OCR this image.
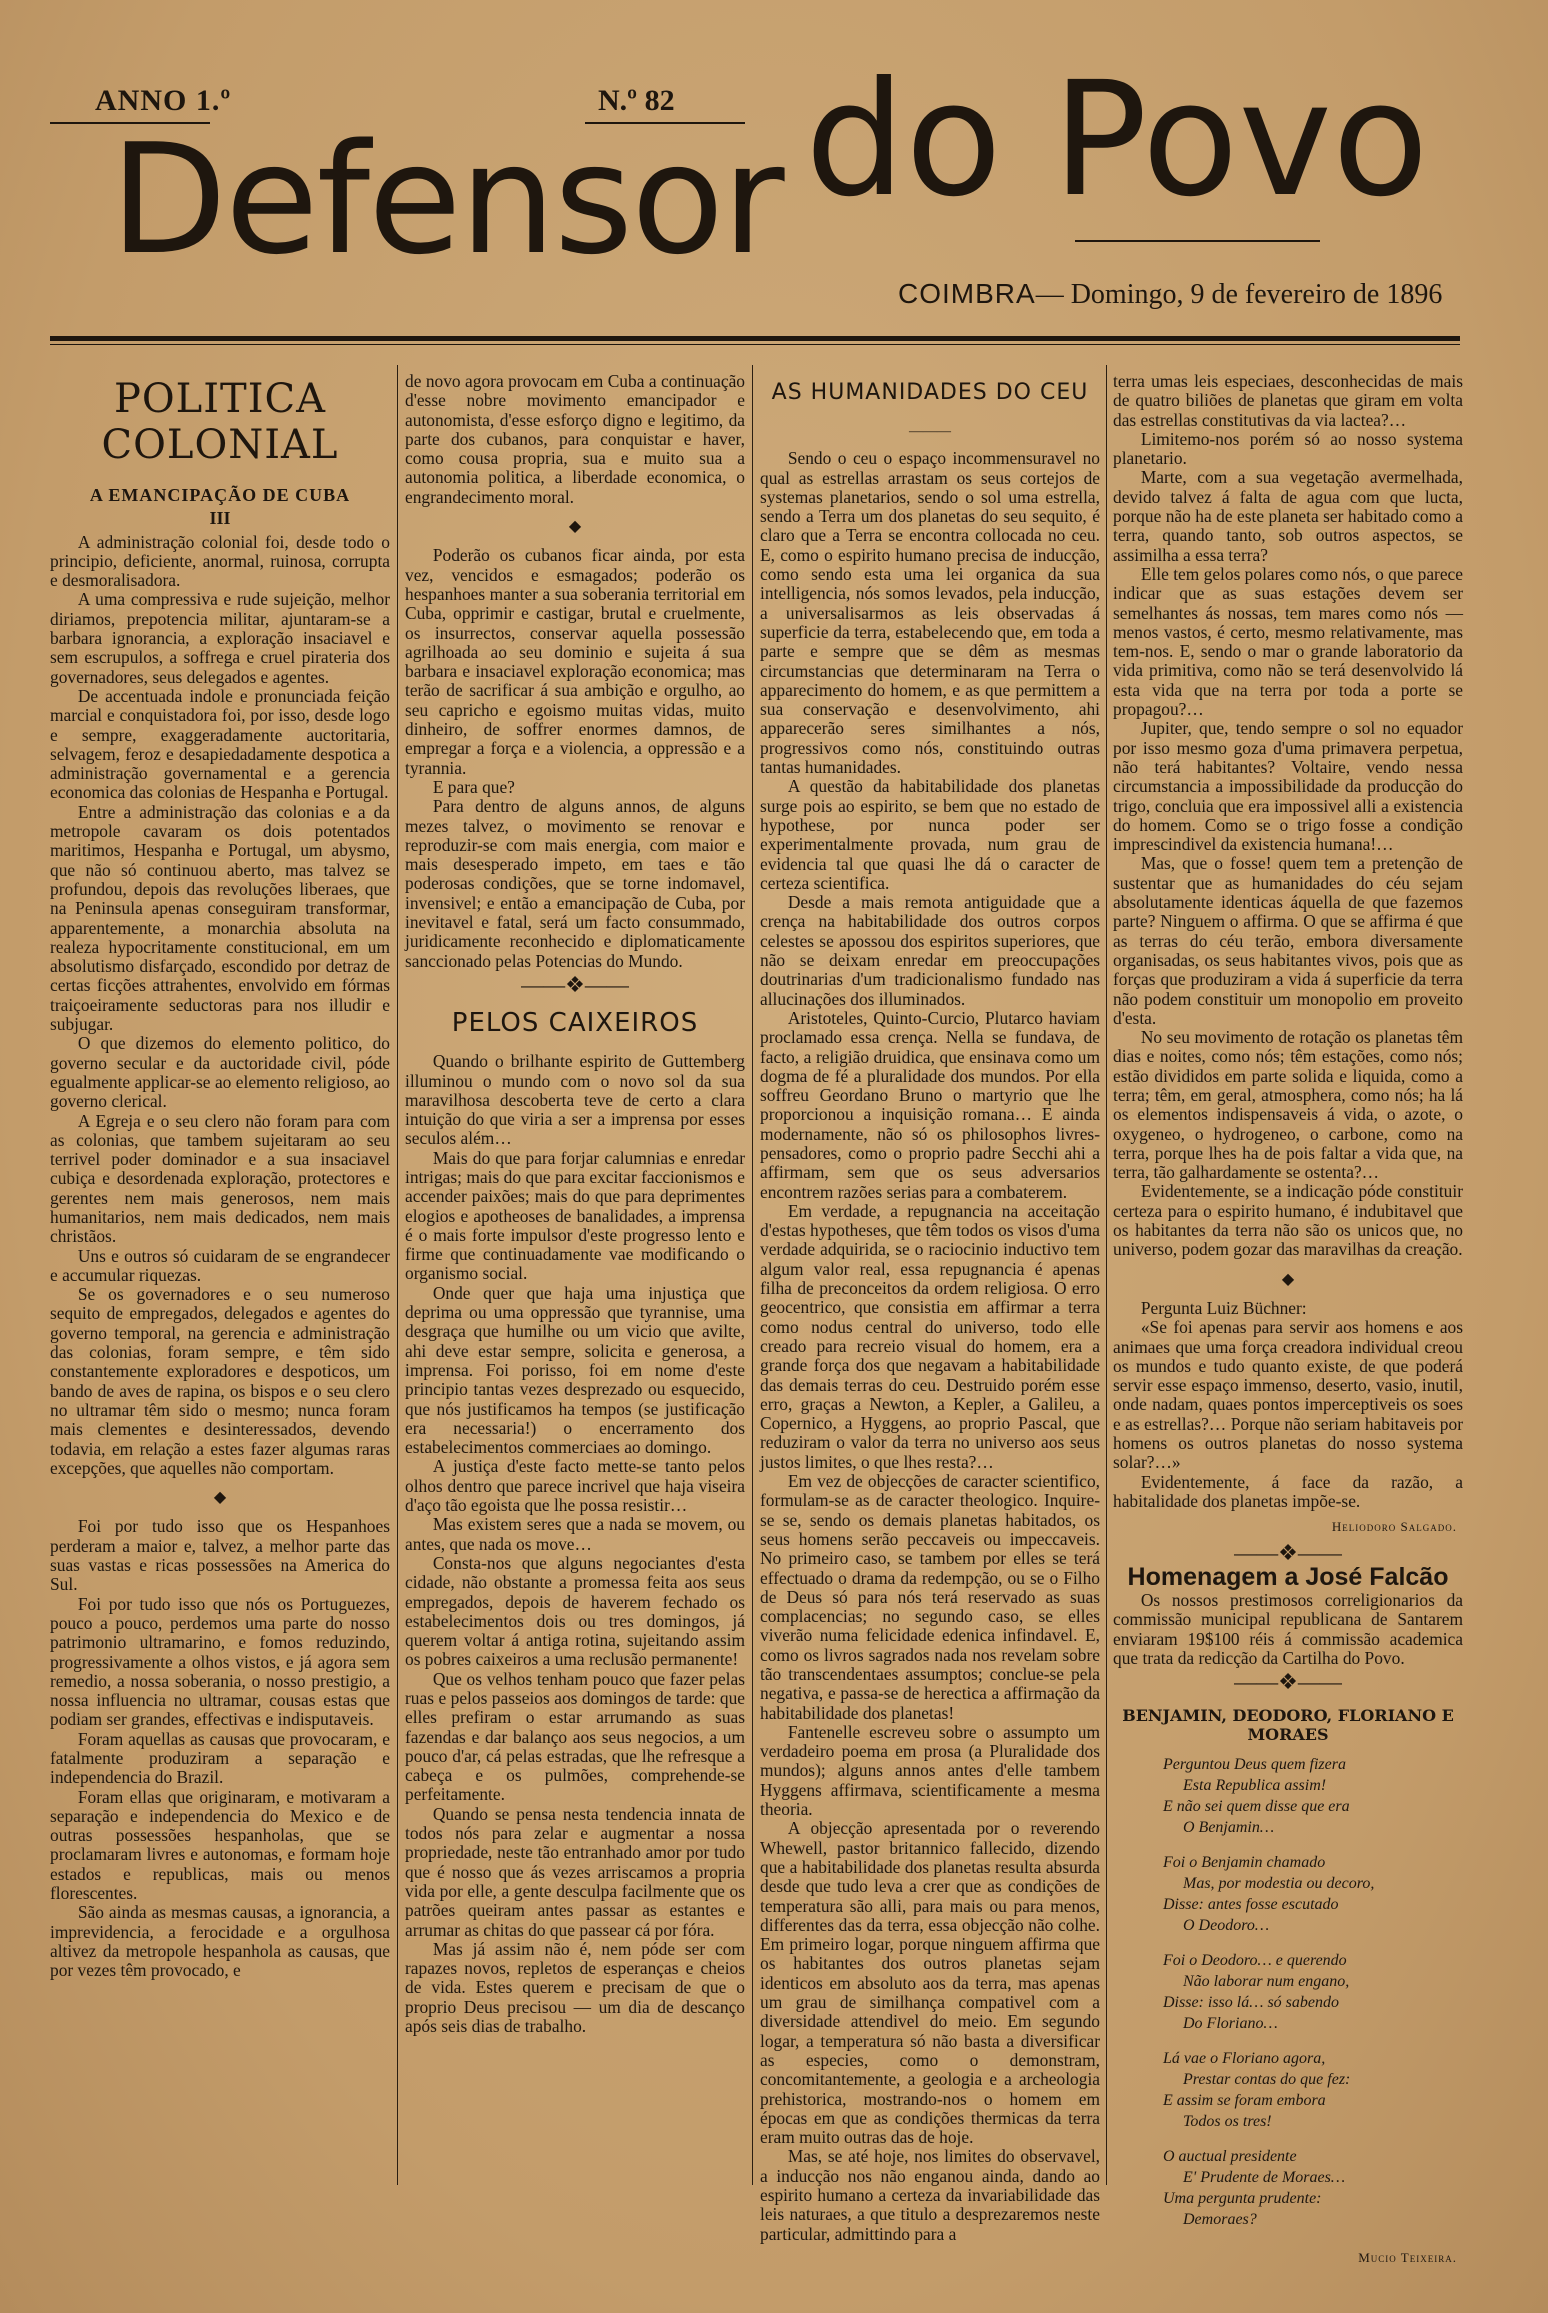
ANNO 1.º	N.º 82
Defensor do Povo
COIMBRA— Domingo, 9 de fevereiro de 1896
POLITICA COLONIAL
A EMANCIPAÇÃO DE CUBA
III

A administração colonial foi, desde todo o principio, deficiente, anormal, ruinosa, corrupta e desmoralisadora.

A uma compressiva e rude sujeição, melhor diriamos, prepotencia militar, ajuntaram-se a barbara ignorancia, a exploração insaciavel e sem escrupulos, a soffrega e cruel pirateria dos governadores, seus delegados e agentes.

De accentuada indole e pronunciada feição marcial e conquistadora foi, por isso, desde logo e sempre, exaggeradamente auctoritaria, selvagem, feroz e desapiedadamente despotica a administração governamental e a gerencia economica das colonias de Hespanha e Portugal.

Entre a administração das colonias e a da metropole cavaram os dois potentados maritimos, Hespanha e Portugal, um abysmo, que não só continuou aberto, mas talvez se profundou, depois das revoluções liberaes, que na Peninsula apenas conseguiram transformar, apparentemente, a monarchia absoluta na realeza hypocritamente constitucional, em um absolutismo disfarçado, escondido por detraz de certas ficções attrahentes, envolvido em fórmas traiçoeiramente seductoras para nos illudir e subjugar.

O que dizemos do elemento politico, do governo secular e da auctoridade civil, póde egualmente applicar-se ao elemento religioso, ao governo clerical.

A Egreja e o seu clero não foram para com as colonias, que tambem sujeitaram ao seu terrivel poder dominador e a sua insaciavel cubiça e desordenada exploração, protectores e gerentes nem mais generosos, nem mais humanitarios, nem mais dedicados, nem mais christãos.

Uns e outros só cuidaram de se engrandecer e accumular riquezas.

Se os governadores e o seu numeroso sequito de empregados, delegados e agentes do governo temporal, na gerencia e administração das colonias, foram sempre, e têm sido constantemente exploradores e despoticos, um bando de aves de rapina, os bispos e o seu clero no ultramar têm sido o mesmo; nunca foram mais clementes e desinteressados, devendo todavia, em relação a estes fazer algumas raras excepções, que aquelles não comportam.

◆

Foi por tudo isso que os Hespanhoes perderam a maior e, talvez, a melhor parte das suas vastas e ricas possessões na America do Sul.

Foi por tudo isso que nós os Portuguezes, pouco a pouco, perdemos uma parte do nosso patrimonio ultramarino, e fomos reduzindo, progressivamente a olhos vistos, e já agora sem remedio, a nossa soberania, o nosso prestigio, a nossa influencia no ultramar, cousas estas que podiam ser grandes, effectivas e indisputaveis.

Foram aquellas as causas que provocaram, e fatalmente produziram a separação e independencia do Brazil.

Foram ellas que originaram, e motivaram a separação e independencia do Mexico e de outras possessões hespanholas, que se proclamaram livres e autonomas, e formam hoje estados e republicas, mais ou menos florescentes.

São ainda as mesmas causas, a ignorancia, a imprevidencia, a ferocidade e a orgulhosa altivez da metropole hespanhola as causas, que por vezes têm provocado, e

de novo agora provocam em Cuba a continuação d'esse nobre movimento emancipador e autonomista, d'esse esforço digno e legitimo, da parte dos cubanos, para conquistar e haver, como cousa propria, sua e muito sua a autonomia politica, a liberdade economica, o engrandecimento moral.

◆

Poderão os cubanos ficar ainda, por esta vez, vencidos e esmagados; poderão os hespanhoes manter a sua soberania territorial em Cuba, opprimir e castigar, brutal e cruelmente, os insurrectos, conservar aquella possessão agrilhoada ao seu dominio e sujeita á sua barbara e insaciavel exploração economica; mas terão de sacrificar á sua ambição e orgulho, ao seu capricho e egoismo muitas vidas, muito dinheiro, de soffrer enormes damnos, de empregar a força e a violencia, a oppressão e a tyrannia.

E para que?

Para dentro de alguns annos, de alguns mezes talvez, o movimento se renovar e reproduzir-se com mais energia, com maior e mais desesperado impeto, em taes e tão poderosas condições, que se torne indomavel, invensivel; e então a emancipação de Cuba, por inevitavel e fatal, será um facto consummado, juridicamente reconhecido e diplomaticamente sanccionado pelas Potencias do Mundo.

——❖——
PELOS CAIXEIROS

Quando o brilhante espirito de Guttemberg illuminou o mundo com o novo sol da sua maravilhosa descoberta teve de certo a clara intuição do que viria a ser a imprensa por esses seculos além…

Mais do que para forjar calumnias e enredar intrigas; mais do que para excitar faccionismos e accender paixões; mais do que para deprimentes elogios e apotheoses de banalidades, a imprensa é o mais forte impulsor d'este progresso lento e firme que continuadamente vae modificando o organismo social.

Onde quer que haja uma injustiça que deprima ou uma oppressão que tyrannise, uma desgraça que humilhe ou um vicio que avilte, ahi deve estar sempre, solicita e generosa, a imprensa. Foi porisso, foi em nome d'este principio tantas vezes desprezado ou esquecido, que nós justificamos ha tempos (se justificação era necessaria!) o encerramento dos estabelecimentos commerciaes ao domingo.

A justiça d'este facto mette-se tanto pelos olhos dentro que parece incrivel que haja viseira d'aço tão egoista que lhe possa resistir…

Mas existem seres que a nada se movem, ou antes, que nada os move…

Consta-nos que alguns negociantes d'esta cidade, não obstante a promessa feita aos seus empregados, depois de haverem fechado os estabelecimentos dois ou tres domingos, já querem voltar á antiga rotina, sujeitando assim os pobres caixeiros a uma reclusão permanente!

Que os velhos tenham pouco que fazer pelas ruas e pelos passeios aos domingos de tarde: que elles prefiram o estar arrumando as suas fazendas e dar balanço aos seus negocios, a um pouco d'ar, cá pelas estradas, que lhe refresque a cabeça e os pulmões, comprehende-se perfeitamente.

Quando se pensa nesta tendencia innata de todos nós para zelar e augmentar a nossa propriedade, neste tão entranhado amor por tudo que é nosso que ás vezes arriscamos a propria vida por elle, a gente desculpa facilmente que os patrões queiram antes passar as estantes e arrumar as chitas do que passear cá por fóra.

Mas já assim não é, nem póde ser com rapazes novos, repletos de esperanças e cheios de vida. Estes querem e precisam de que o proprio Deus precisou — um dia de descanço após seis dias de trabalho.

AS HUMANIDADES DO CEU
―――

Sendo o ceu o espaço incommensuravel no qual as estrellas arrastam os seus cortejos de systemas planetarios, sendo o sol uma estrella, sendo a Terra um dos planetas do seu sequito, é claro que a Terra se encontra collocada no ceu. E, como o espirito humano precisa de inducção, como sendo esta uma lei organica da sua intelligencia, nós somos levados, pela inducção, a universalisarmos as leis observadas á superficie da terra, estabelecendo que, em toda a parte e sempre que se dêm as mesmas circumstancias que determinaram na Terra o apparecimento do homem, e as que permittem a sua conservação e desenvolvimento, ahi apparecerão seres similhantes a nós, progressivos como nós, constituindo outras tantas humanidades.

A questão da habitabilidade dos planetas surge pois ao espirito, se bem que no estado de hypothese, por nunca poder ser experimentalmente provada, num grau de evidencia tal que quasi lhe dá o caracter de certeza scientifica.

Desde a mais remota antiguidade que a crença na habitabilidade dos outros corpos celestes se apossou dos espiritos superiores, que não se deixam enredar em preoccupações doutrinarias d'um tradicionalismo fundado nas allucinações dos illuminados.

Aristoteles, Quinto-Curcio, Plutarco haviam proclamado essa crença. Nella se fundava, de facto, a religião druidica, que ensinava como um dogma de fé a pluralidade dos mundos. Por ella soffreu Geordano Bruno o martyrio que lhe proporcionou a inquisição romana… E ainda modernamente, não só os philosophos livres-pensadores, como o proprio padre Secchi ahi a affirmam, sem que os seus adversarios encontrem razões serias para a combaterem.

Em verdade, a repugnancia na acceitação d'estas hypotheses, que têm todos os visos d'uma verdade adquirida, se o raciocinio inductivo tem algum valor real, essa repugnancia é apenas filha de preconceitos da ordem religiosa. O erro geocentrico, que consistia em affirmar a terra como nodus central do universo, todo elle creado para recreio visual do homem, era a grande força dos que negavam a habitabilidade das demais terras do ceu. Destruido porém esse erro, graças a Newton, a Kepler, a Galileu, a Copernico, a Hyggens, ao proprio Pascal, que reduziram o valor da terra no universo aos seus justos limites, o que lhes resta?…

Em vez de objecções de caracter scientifico, formulam-se as de caracter theologico. Inquire-se se, sendo os demais planetas habitados, os seus homens serão peccaveis ou impeccaveis. No primeiro caso, se tambem por elles se terá effectuado o drama da redempção, ou se o Filho de Deus só para nós terá reservado as suas complacencias; no segundo caso, se elles viverão numa felicidade edenica infindavel. E, como os livros sagrados nada nos revelam sobre tão transcendentaes assumptos; conclue-se pela negativa, e passa-se de herectica a affirmação da habitabilidade dos planetas!

Fantenelle escreveu sobre o assumpto um verdadeiro poema em prosa (a Pluralidade dos mundos); alguns annos antes d'elle tambem Hyggens affirmava, scientificamente a mesma theoria.

A objecção apresentada por o reverendo Whewell, pastor britannico fallecido, dizendo que a habitabilidade dos planetas resulta absurda desde que tudo leva a crer que as condições de temperatura são alli, para mais ou para menos, differentes das da terra, essa objecção não colhe. Em primeiro logar, porque ninguem affirma que os habitantes dos outros planetas sejam identicos em absoluto aos da terra, mas apenas um grau de similhança compativel com a diversidade attendivel do meio. Em segundo logar, a temperatura só não basta a diversificar as especies, como o demonstram, concomitantemente, a geologia e a archeologia prehistorica, mostrando-nos o homem em épocas em que as condições thermicas da terra eram muito outras das de hoje.

Mas, se até hoje, nos limites do observavel, a inducção nos não enganou ainda, dando ao espirito humano a certeza da invariabilidade das leis naturaes, a que titulo a desprezaremos neste particular, admittindo para a

terra umas leis especiaes, desconhecidas de mais de quatro biliões de planetas que giram em volta das estrellas constitutivas da via lactea?…

Limitemo-nos porém só ao nosso systema planetario.

Marte, com a sua vegetação avermelhada, devido talvez á falta de agua com que lucta, porque não ha de este planeta ser habitado como a terra, quando tanto, sob outros aspectos, se assimilha a essa terra?

Elle tem gelos polares como nós, o que parece indicar que as suas estações devem ser semelhantes ás nossas, tem mares como nós — menos vastos, é certo, mesmo relativamente, mas tem-nos. E, sendo o mar o grande laboratorio da vida primitiva, como não se terá desenvolvido lá esta vida que na terra por toda a porte se propagou?…

Jupiter, que, tendo sempre o sol no equador por isso mesmo goza d'uma primavera perpetua, não terá habitantes? Voltaire, vendo nessa circumstancia a impossibilidade da producção do trigo, concluia que era impossivel alli a existencia do homem. Como se o trigo fosse a condição imprescindivel da existencia humana!…

Mas, que o fosse! quem tem a pretenção de sustentar que as humanidades do céu sejam absolutamente identicas áquella de que fazemos parte? Ninguem o affirma. O que se affirma é que as terras do céu terão, embora diversamente organisadas, os seus habitantes vivos, pois que as forças que produziram a vida á superficie da terra não podem constituir um monopolio em proveito d'esta.

No seu movimento de rotação os planetas têm dias e noites, como nós; têm estações, como nós; estão divididos em parte solida e liquida, como a terra; têm, em geral, atmosphera, como nós; ha lá os elementos indispensaveis á vida, o azote, o oxygeneo, o hydrogeneo, o carbone, como na terra, porque lhes ha de pois faltar a vida que, na terra, tão galhardamente se ostenta?…

Evidentemente, se a indicação póde constituir certeza para o espirito humano, é indubitavel que os habitantes da terra não são os unicos que, no universo, podem gozar das maravilhas da creação.

◆

Pergunta Luiz Büchner:

«Se foi apenas para servir aos homens e aos animaes que uma força creadora individual creou os mundos e tudo quanto existe, de que poderá servir esse espaço immenso, deserto, vasio, inutil, onde nadam, quaes pontos imperceptiveis os soes e as estrellas?… Porque não seriam habitaveis por homens os outros planetas do nosso systema solar?…»

Evidentemente, á face da razão, a habitalidade dos planetas impõe-se.

Heliodoro Salgado.
——❖——
Homenagem a José Falcão

Os nossos prestimosos correligionarios da commissão municipal republicana de Santarem enviaram 19$100 réis á commissão academica que trata da redicção da Cartilha do Povo.

——❖——
BENJAMIN, DEODORO, FLORIANO E MORAES
Perguntou Deus quem fizera
Esta Republica assim!
E não sei quem disse que era
O Benjamin…
Foi o Benjamin chamado
Mas, por modestia ou decoro,
Disse: antes fosse escutado
O Deodoro…
Foi o Deodoro… e querendo
Não laborar num engano,
Disse: isso lá… só sabendo
Do Floriano…
Lá vae o Floriano agora,
Prestar contas do que fez:
E assim se foram embora
Todos os tres!
O auctual presidente
E' Prudente de Moraes…
Uma pergunta prudente:
Demoraes?
Mucio Teixeira.
